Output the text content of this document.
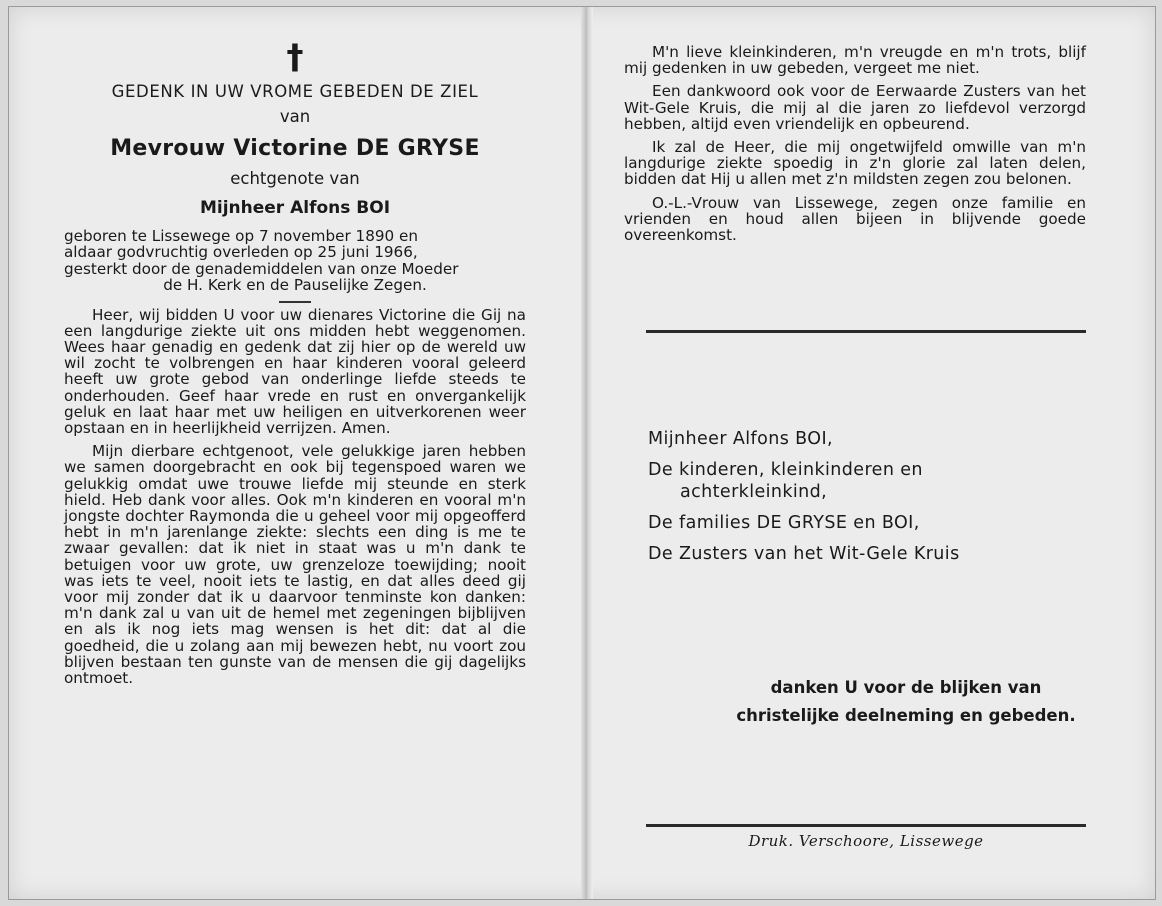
†
GEDENK IN UW VROME GEBEDEN DE ZIEL
van
Mevrouw Victorine DE GRYSE
echtgenote van
Mijnheer Alfons BOI
geboren te Lissewege op 7 november 1890 en
aldaar godvruchtig overleden op 25 juni 1966,
gesterkt door de genademiddelen van onze Moeder
de H. Kerk en de Pauselijke Zegen.

Heer, wij bidden U voor uw dienares Victorine die Gij na een langdurige ziekte uit ons midden hebt weggenomen. Wees haar genadig en gedenk dat zij hier op de wereld uw wil zocht te volbrengen en haar kinderen vooral geleerd heeft uw grote gebod van onderlinge liefde steeds te onderhouden. Geef haar vrede en rust en onvergankelijk geluk en laat haar met uw heiligen en uitverkorenen weer opstaan en in heerlijkheid verrijzen. Amen.

Mijn dierbare echtgenoot, vele gelukkige jaren hebben we samen doorgebracht en ook bij tegenspoed waren we gelukkig omdat uwe trouwe liefde mij steunde en sterk hield. Heb dank voor alles. Ook m'n kinderen en vooral m'n jongste dochter Raymonda die u geheel voor mij opgeofferd hebt in m'n jarenlange ziekte: slechts een ding is me te zwaar gevallen: dat ik niet in staat was u m'n dank te betuigen voor uw grote, uw grenzeloze toewijding; nooit was iets te veel, nooit iets te lastig, en dat alles deed gij voor mij zonder dat ik u daarvoor tenminste kon danken: m'n dank zal u van uit de hemel met zegeningen bijblijven en als ik nog iets mag wensen is het dit: dat al die goedheid, die u zolang aan mij bewezen hebt, nu voort zou blijven bestaan ten gunste van de mensen die gij dagelijks ontmoet.

M'n lieve kleinkinderen, m'n vreugde en m'n trots, blijf mij gedenken in uw gebeden, vergeet me niet.

Een dankwoord ook voor de Eerwaarde Zusters van het Wit-Gele Kruis, die mij al die jaren zo liefdevol verzorgd hebben, altijd even vriendelijk en opbeurend.

Ik zal de Heer, die mij ongetwijfeld omwille van m'n langdurige ziekte spoedig in z'n glorie zal laten delen, bidden dat Hij u allen met z'n mildsten zegen zou belonen.

O.-L.-Vrouw van Lissewege, zegen onze familie en vrienden en houd allen bijeen in blijvende goede overeenkomst.

Mijnheer Alfons BOI,
De kinderen, kleinkinderen en
achterkleinkind,
De families DE GRYSE en BOI,
De Zusters van het Wit-Gele Kruis
danken U voor de blijken van
christelijke deelneming en gebeden.
Druk. Verschoore, Lissewege
